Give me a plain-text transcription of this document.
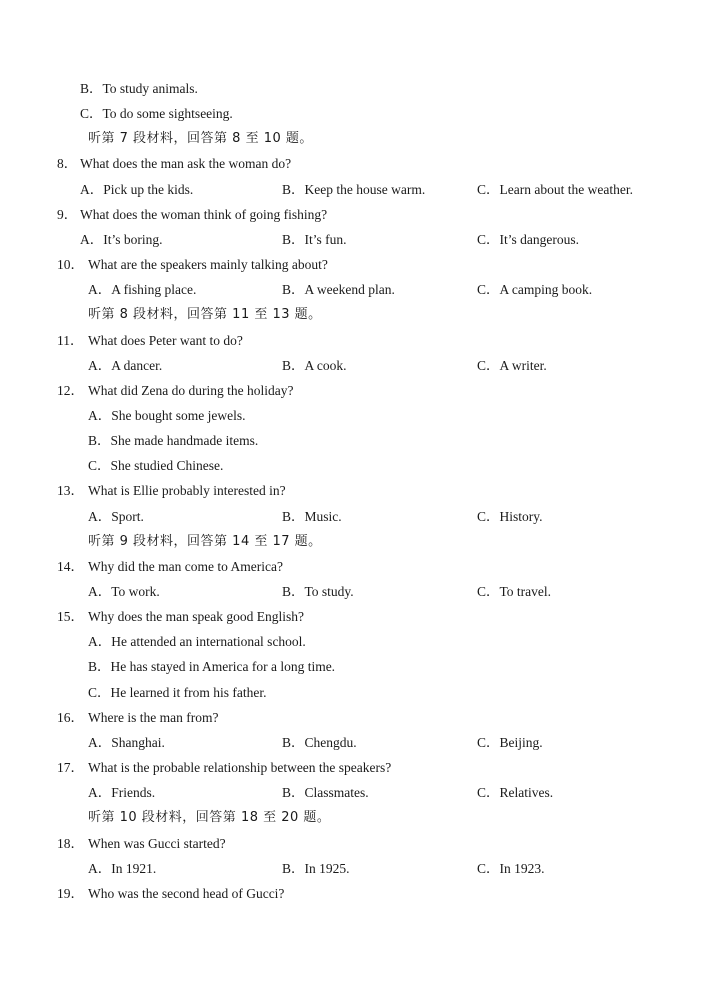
B．To study animals.
C．To do some sightseeing.
听第 7 段材料，回答第 8 至 10 题。
8． What does the man ask the woman do?
A．Pick up the kids.	B．Keep the house warm.	C．Learn about the weather.
9． What does the woman think of going fishing?
A．It’s boring.	B．It’s fun.	C．It’s dangerous.
10． What are the speakers mainly talking about?
A．A fishing place.	B．A weekend plan.	C．A camping book.
听第 8 段材料，回答第 11 至 13 题。
11． What does Peter want to do?
A．A dancer.	B．A cook.	C．A writer.
12． What did Zena do during the holiday?
A．She bought some jewels.
B．She made handmade items.
C．She studied Chinese.
13． What is Ellie probably interested in?
A．Sport.	B．Music.	C．History.
听第 9 段材料，回答第 14 至 17 题。
14． Why did the man come to America?
A．To work.	B．To study.	C．To travel.
15． Why does the man speak good English?
A．He attended an international school.
B．He has stayed in America for a long time.
C．He learned it from his father.
16． Where is the man from?
A．Shanghai.	B．Chengdu.	C．Beijing.
17． What is the probable relationship between the speakers?
A．Friends.	B．Classmates.	C．Relatives.
听第 10 段材料，回答第 18 至 20 题。
18． When was Gucci started?
A．In 1921.	B．In 1925.	C．In 1923.
19． Who was the second head of Gucci?
